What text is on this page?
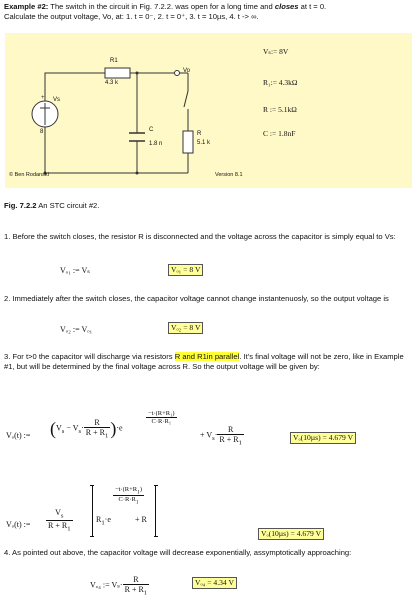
Example #2: The switch in the circuit in Fig. 7.2.2. was open for a long time and closes at t = 0.
Calculate the output voltage, Vo, at: 1. t = 0⁻, 2. t = 0⁺, 3. t = 10µs, 4. t -> ∞.
+
R1
4.3 k
Vo
Vs
8	C
1.8 n
R
5.1 k
© Ben Rodanski	Version 8.1
Vₛ:= 8V
R₁:= 4.3kΩ
R := 5.1kΩ
C := 1.8nF
Fig. 7.2.2 An STC circuit #2.
1. Before the switch closes, the resistor R is disconnected and the voltage across the capacitor is simply equal to Vs:
Vₒ₁ := Vₛ	Vₒ₁ = 8 V
2. Immediately after the switch closes, the capacitor voltage cannot change instantenuosly, so the output voltage is
Vₒ₂ := Vₒ₁	Vₒ₂ = 8 V
3. For t>0 the capacitor will discharge via resistors R and R1in parallel. It's final voltage will not be zero, like in Example #1, but will be determined by the final voltage across R. So the output voltage will be given by:
Vₒ(t) := $(V_s - V_s\cdot \frac{R}{R + R_1} )\cdot e$
$\frac{\text{−t·(R+R₁)}}{\text{C·R·R₁}}$
+ $V_s\cdot \frac{R}{R + R_1}$	Vₒ(10µs) = 4.679 V
Vₒ(t) := $\frac{V_s}{R + R_1}$
$\frac{-t\cdot(R+R_1)}{C\cdot R\cdot R_1}$
$R_1\cdot e$	+ R
Vₒ(10µs) = 4.679 V
4. As pointed out above, the capacitor voltage will decrease exponentially, assymptotically approaching:
Vₒ₄ := $V_s\cdot \frac{R}{R + R_1}$	Vₒ₄ = 4.34 V
